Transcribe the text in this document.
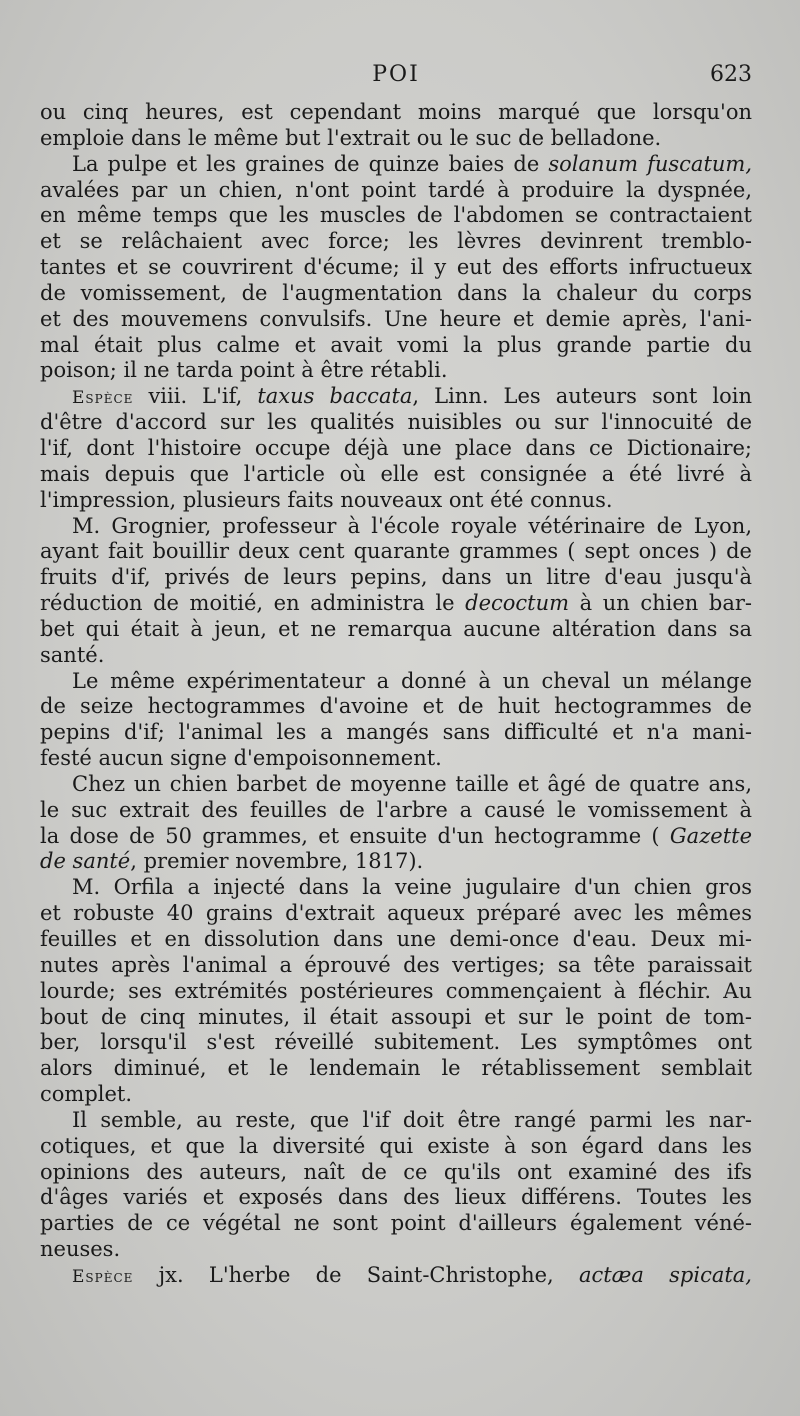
POI	623
ou cinq heures, est cependant moins marqué que lorsqu'on
emploie dans le même but l'extrait ou le suc de belladone.
La pulpe et les graines de quinze baies de solanum fuscatum,
avalées par un chien, n'ont point tardé à produire la dyspnée,
en même temps que les muscles de l'abdomen se contractaient
et se relâchaient avec force; les lèvres devinrent tremblo-
tantes et se couvrirent d'écume; il y eut des efforts infructueux
de vomissement, de l'augmentation dans la chaleur du corps
et des mouvemens convulsifs. Une heure et demie après, l'ani-
mal était plus calme et avait vomi la plus grande partie du
poison; il ne tarda point à être rétabli.
Espèce viii. L'if, taxus baccata, Linn. Les auteurs sont loin
d'être d'accord sur les qualités nuisibles ou sur l'innocuité de
l'if, dont l'histoire occupe déjà une place dans ce Dictionaire;
mais depuis que l'article où elle est consignée a été livré à
l'impression, plusieurs faits nouveaux ont été connus.
M. Grognier, professeur à l'école royale vétérinaire de Lyon,
ayant fait bouillir deux cent quarante grammes ( sept onces ) de
fruits d'if, privés de leurs pepins, dans un litre d'eau jusqu'à
réduction de moitié, en administra le decoctum à un chien bar-
bet qui était à jeun, et ne remarqua aucune altération dans sa
santé.
Le même expérimentateur a donné à un cheval un mélange
de seize hectogrammes d'avoine et de huit hectogrammes de
pepins d'if; l'animal les a mangés sans difficulté et n'a mani-
festé aucun signe d'empoisonnement.
Chez un chien barbet de moyenne taille et âgé de quatre ans,
le suc extrait des feuilles de l'arbre a causé le vomissement à
la dose de 50 grammes, et ensuite d'un hectogramme ( Gazette
de santé, premier novembre, 1817).
M. Orfila a injecté dans la veine jugulaire d'un chien gros
et robuste 40 grains d'extrait aqueux préparé avec les mêmes
feuilles et en dissolution dans une demi-once d'eau. Deux mi-
nutes après l'animal a éprouvé des vertiges; sa tête paraissait
lourde; ses extrémités postérieures commençaient à fléchir. Au
bout de cinq minutes, il était assoupi et sur le point de tom-
ber, lorsqu'il s'est réveillé subitement. Les symptômes ont
alors diminué, et le lendemain le rétablissement semblait
complet.
Il semble, au reste, que l'if doit être rangé parmi les nar-
cotiques, et que la diversité qui existe à son égard dans les
opinions des auteurs, naît de ce qu'ils ont examiné des ifs
d'âges variés et exposés dans des lieux différens. Toutes les
parties de ce végétal ne sont point d'ailleurs également véné-
neuses.
Espèce jx. L'herbe de Saint-Christophe, actæa spicata,
